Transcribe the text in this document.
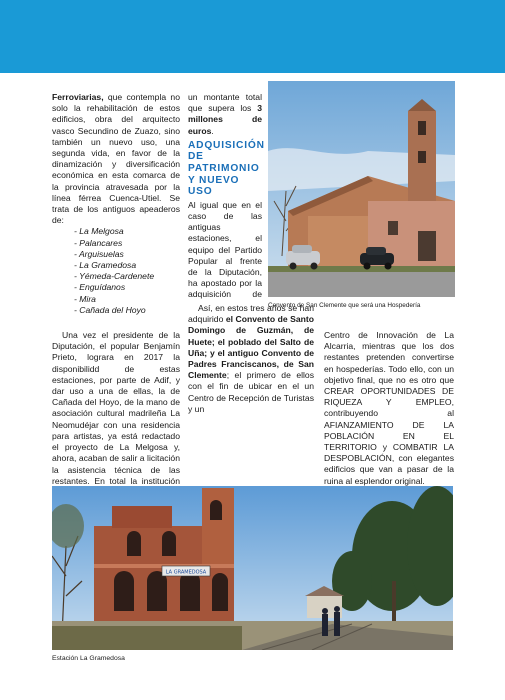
Ferroviarias, que contempla no solo la rehabilitación de estos edificios, obra del arquitecto vasco Secundino de Zuazo, sino también un nuevo uso, una segunda vida, en favor de la dinamización y diversificación económica en esta comarca de la provincia atravesada por la línea férrea Cuenca-Utiel. Se trata de los antiguos apeaderos de:

- La Melgosa
- Palancares
- Arguisuelas
- La Gramedosa
- Yémeda-Cardenete
- Enguídanos
- Mira
- Cañada del Hoyo

Una vez el presidente de la Diputación, el popular Benjamín Prieto, lograra en 2017 la disponibilidd de estas estaciones, por parte de Adif, y dar uso a una de ellas, la de Cañada del Hoyo, de la mano de asociación cultural madrileña La Neomudéjar con una residencia para artistas, ya está redactado el proyecto de La Melgosa y, ahora, acaban de salir a licitación la asistencia técnica de las restantes. En total la institución

un montante total que supera los 3 millones de euros.

ADQUISICIÓN DE PATRIMONIO Y NUEVO USO

Al igual que en el caso de las antiguas estaciones, el equipo del Partido Popular al frente de la Diputación, ha apostado por la adquisición de

Así, en estos tres años se han adquirido el Convento de Santo Domingo de Guzmán, de Huete; el poblado del Salto de Uña; y el antiguo Convento de Padres Franciscanos, de San Clemente; el primero de ellos con el fin de ubicar en el un Centro de Recepción de Turistas y un

Centro de Innovación de La Alcarria, mientras que los dos restantes pretenden convertirse en hospederías. Todo ello, con un objetivo final, que no es otro que CREAR OPORTUNIDADES DE RIQUEZA Y EMPLEO, contribuyendo al AFIANZAMIENTO DE LA POBLACIÓN EN EL TERRITORIO y COMBATIR LA DESPOBLACIÓN, con elegantes edificios que van a pasar de la ruina al esplendor original.

Convento de San Clemente que será una Hospedería
LA GRAMEDOSA
Estación La Gramedosa
